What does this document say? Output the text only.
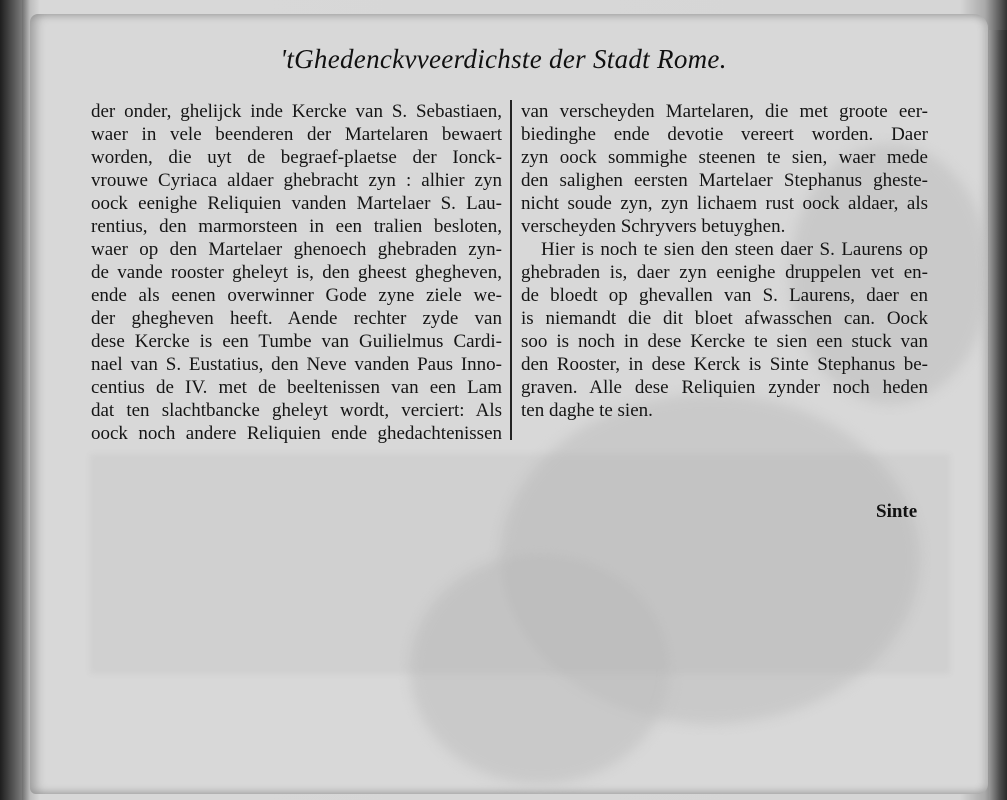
'tGhedenckvveerdichste der Stadt Rome.
der onder, ghelijck inde Kercke van S. Sebastiaen,
waer in vele beenderen der Martelaren bewaert
worden, die uyt de begraef-plaetse der Ionck-
vrouwe Cyriaca aldaer ghebracht zyn : alhier zyn
oock eenighe Reliquien vanden Martelaer S. Lau-
rentius, den marmorsteen in een tralien besloten,
waer op den Martelaer ghenoech ghebraden zyn-
de vande rooster gheleyt is, den gheest ghegheven,
ende als eenen overwinner Gode zyne ziele we-
der ghegheven heeft. Aende rechter zyde van
dese Kercke is een Tumbe van Guilielmus Cardi-
nael van S. Eustatius, den Neve vanden Paus Inno-
centius de IV. met de beeltenissen van een Lam
dat ten slachtbancke gheleyt wordt, verciert: Als
oock noch andere Reliquien ende ghedachtenissen
van verscheyden Martelaren, die met groote eer-
biedinghe ende devotie vereert worden. Daer
zyn oock sommighe steenen te sien, waer mede
den salighen eersten Martelaer Stephanus gheste-
nicht soude zyn, zyn lichaem rust oock aldaer, als
verscheyden Schryvers betuyghen.
Hier is noch te sien den steen daer S. Laurens op
ghebraden is, daer zyn eenighe druppelen vet en-
de bloedt op ghevallen van S. Laurens, daer en
is niemandt die dit bloet afwasschen can. Oock
soo is noch in dese Kercke te sien een stuck van
den Rooster, in dese Kerck is Sinte Stephanus be-
graven. Alle dese Reliquien zynder noch heden
ten daghe te sien.
Sinte
